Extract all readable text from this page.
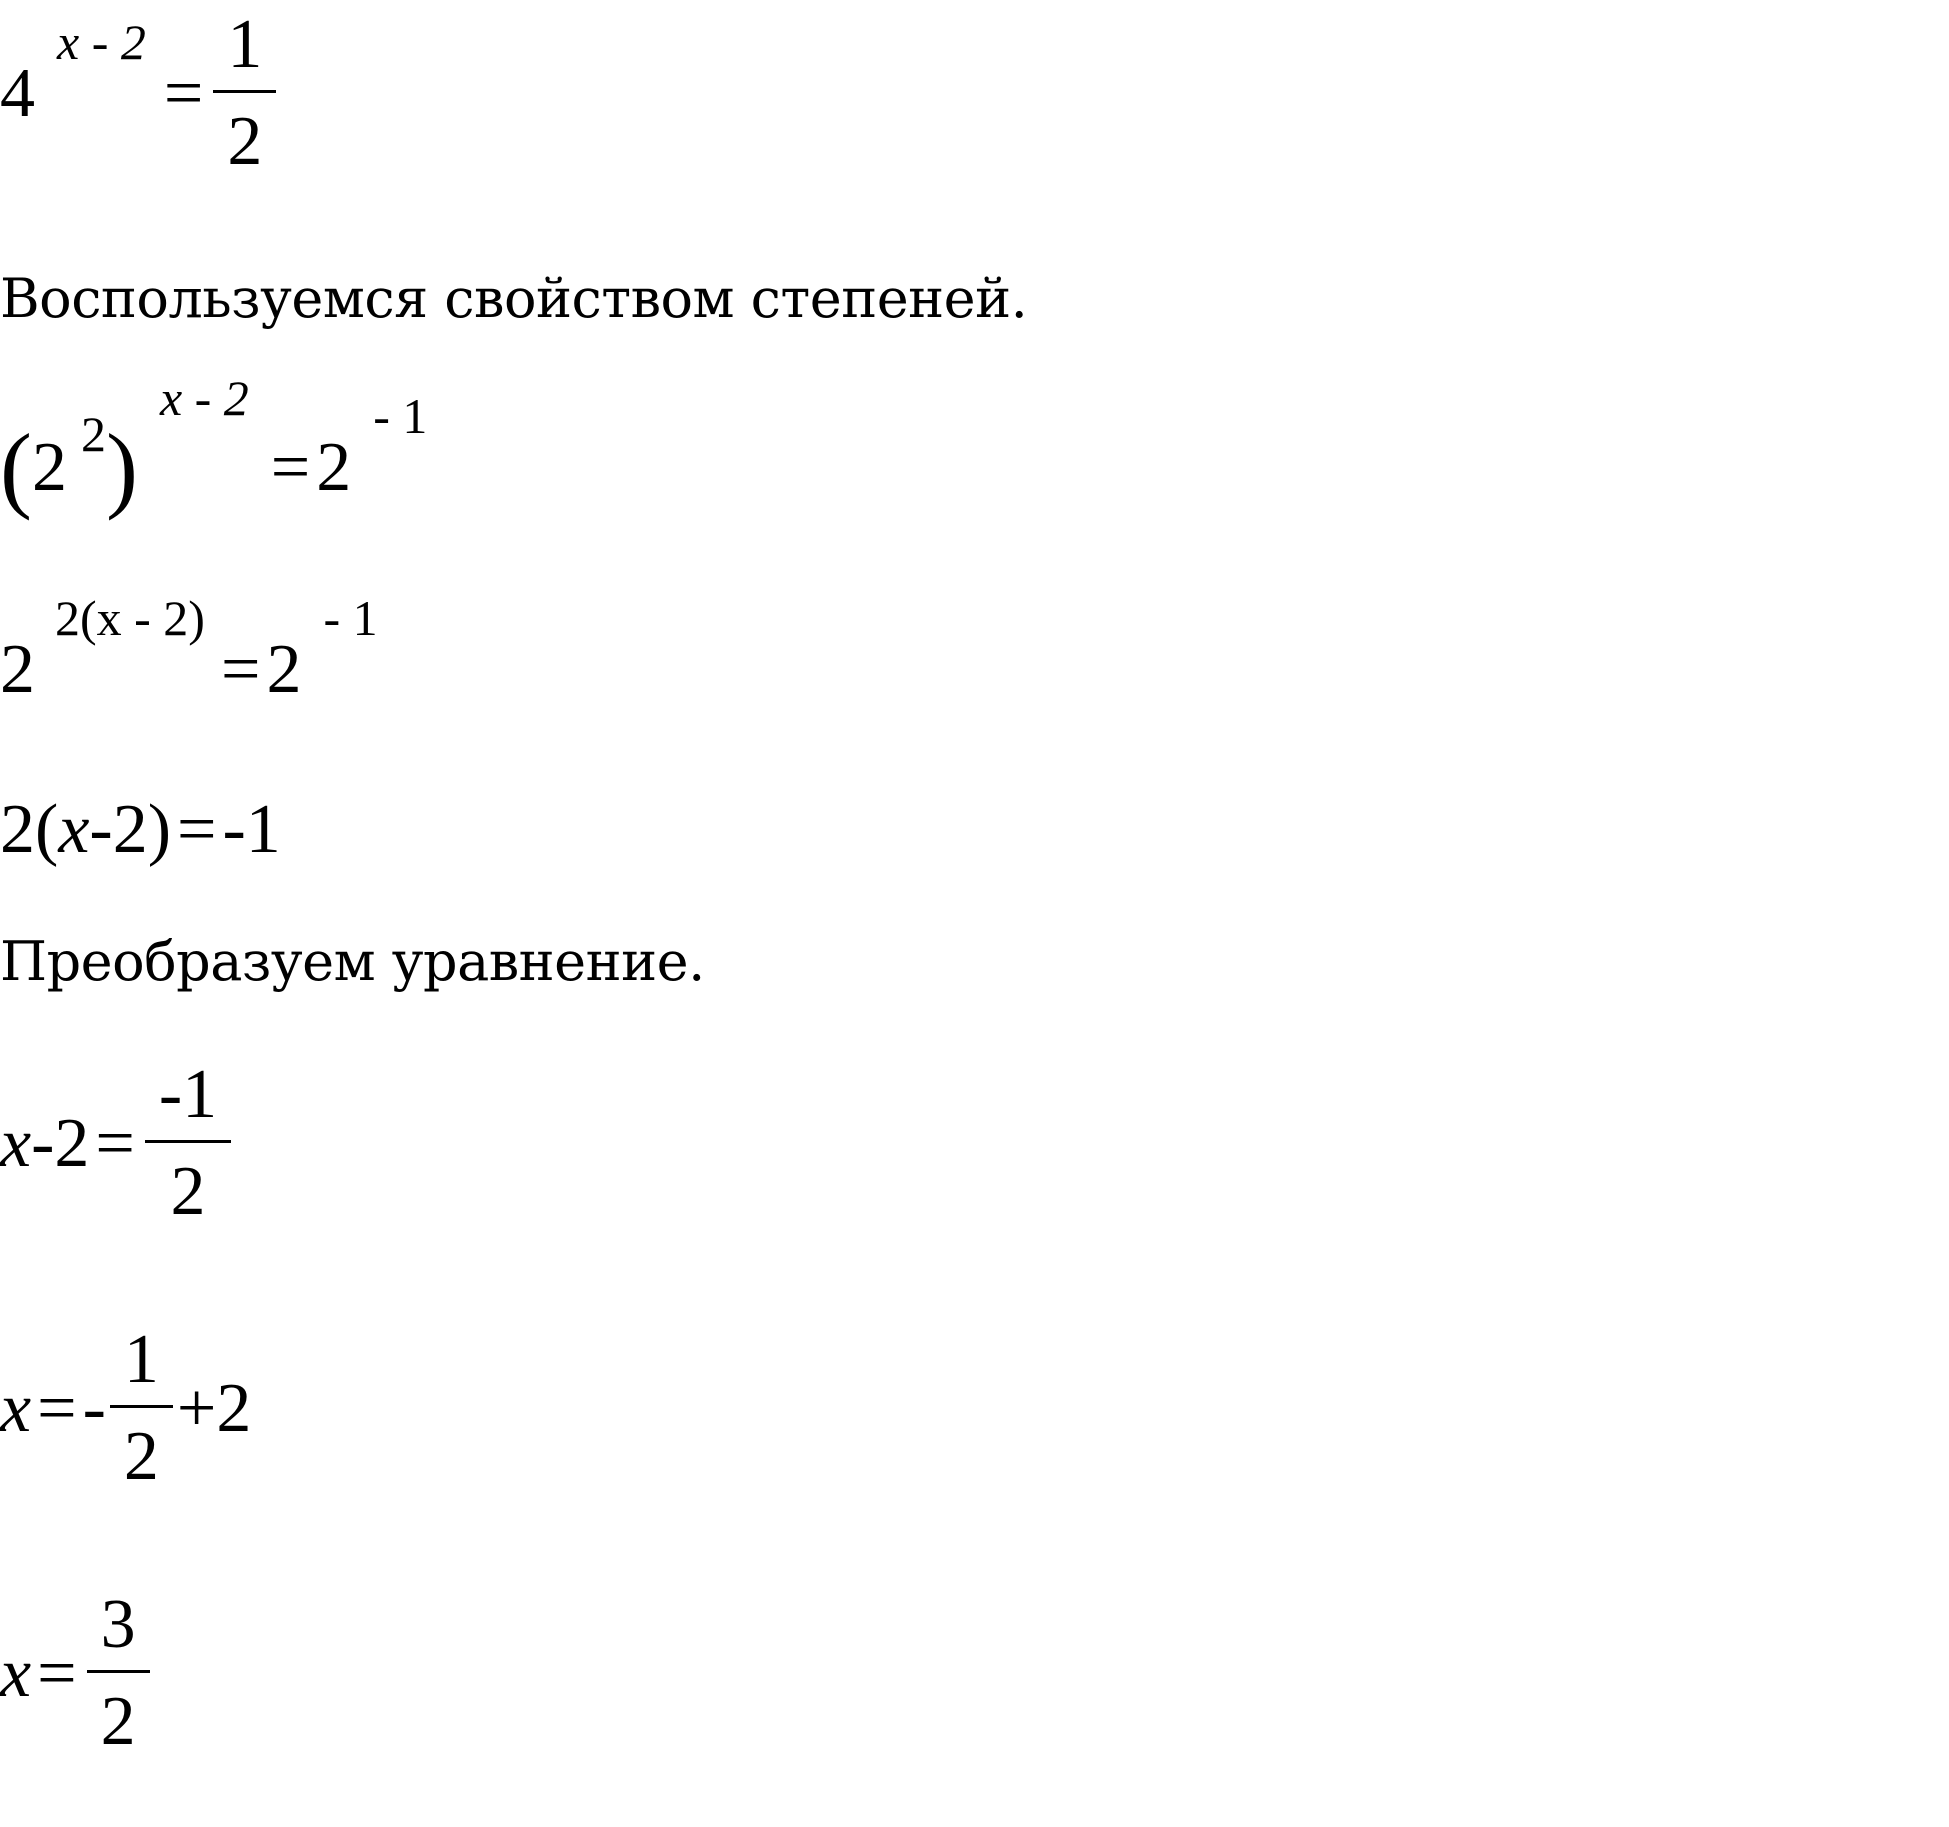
4
x - 2
= $\frac{1}{2}$
Воспользуемся свойством степеней.
( 2 2 )
x - 2
= 2
- 1
2
2(x - 2)
= 2
- 1
2( x -2) = -1
Преобразуем уравнение.
x $-2 = \frac{-1}{2}$
x = - $\frac{1}{2} +2$
$x = \frac{3}{2}$
